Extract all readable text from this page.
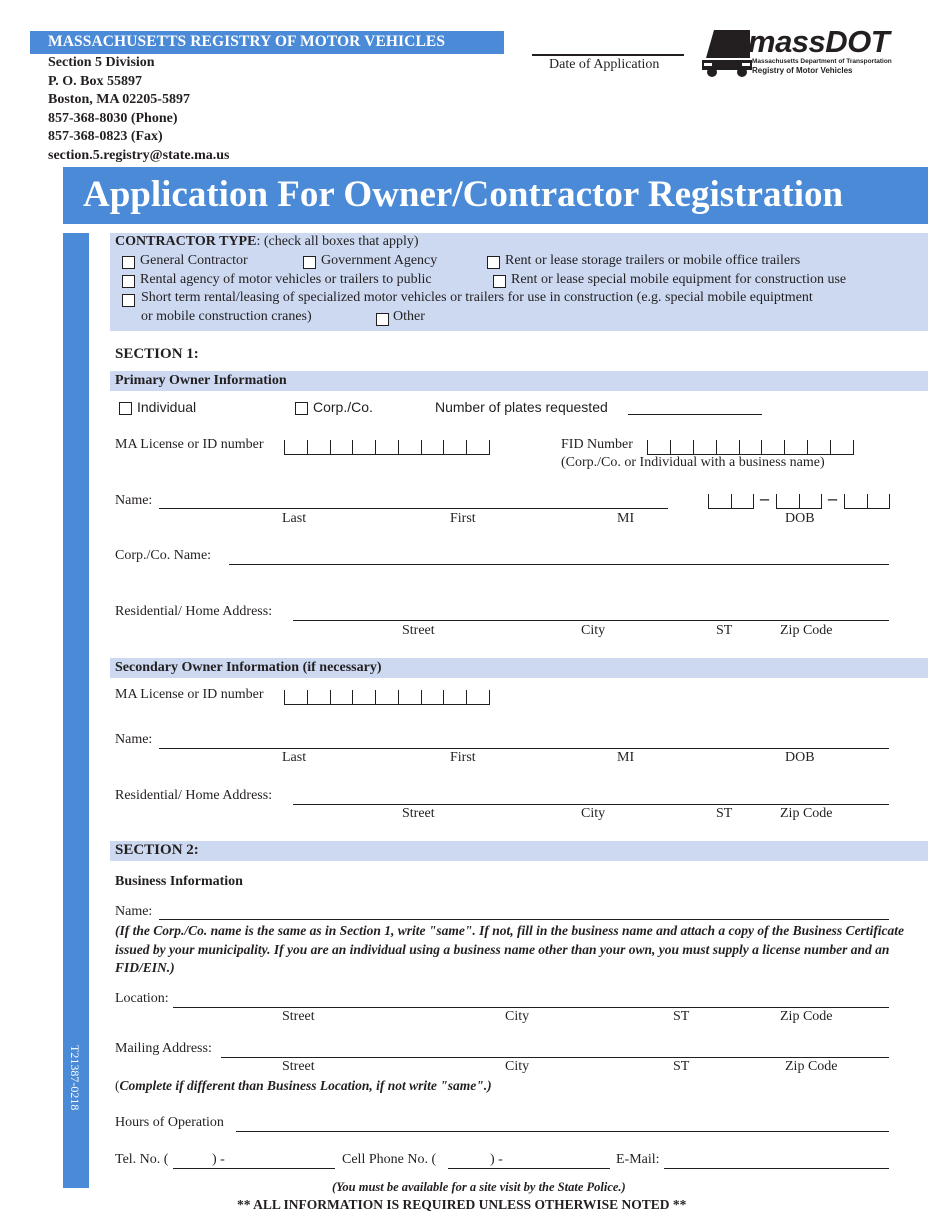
MASSACHUSETTS REGISTRY OF MOTOR VEHICLES
Section 5 Division
P. O. Box 55897
Boston, MA 02205-5897
857-368-8030 (Phone)
857-368-0823 (Fax)
section.5.registry@state.ma.us
Date of Application
massDOT
Massachusetts Department of Transportation
Registry of Motor Vehicles
Application For Owner/Contractor Registration
T21387-0218
CONTRACTOR TYPE: (check all boxes that apply)
General Contractor	Government Agency	Rent or lease storage trailers or mobile office trailers
Rental agency of motor vehicles or trailers to public	Rent or lease special mobile equipment for construction use
Short term rental/leasing of specialized motor vehicles or trailers for use in construction (e.g. special mobile equiptment
or mobile construction cranes)	Other
SECTION 1:
Primary Owner Information
Individual	Corp./Co.	Number of plates requested
MA License or ID number	FID Number
(Corp./Co. or Individual with a business name)
Name:	–	–
Last	First	MI	DOB
Corp./Co. Name:
Residential/ Home Address:
Street	City	ST	Zip Code
Secondary Owner Information (if necessary)
MA License or ID number
Name:
Last	First	MI	DOB
Residential/ Home Address:
Street	City	ST	Zip Code
SECTION 2:
Business Information
Name:
(If the Corp./Co. name is the same as in Section 1, write "same". If not, fill in the business name and attach a copy of the Business Certificate issued by your municipality. If you are an individual using a business name other than your own, you must supply a license number and an FID/EIN.)
Location:
Street	City	ST	Zip Code
Mailing Address:
Street	City	ST	Zip Code
(Complete if different than Business Location, if not write "same".)
Hours of Operation
Tel. No. (	) -	Cell Phone No. (	) -	E-Mail:
(You must be available for a site visit by the State Police.)
** ALL INFORMATION IS REQUIRED UNLESS OTHERWISE NOTED **
